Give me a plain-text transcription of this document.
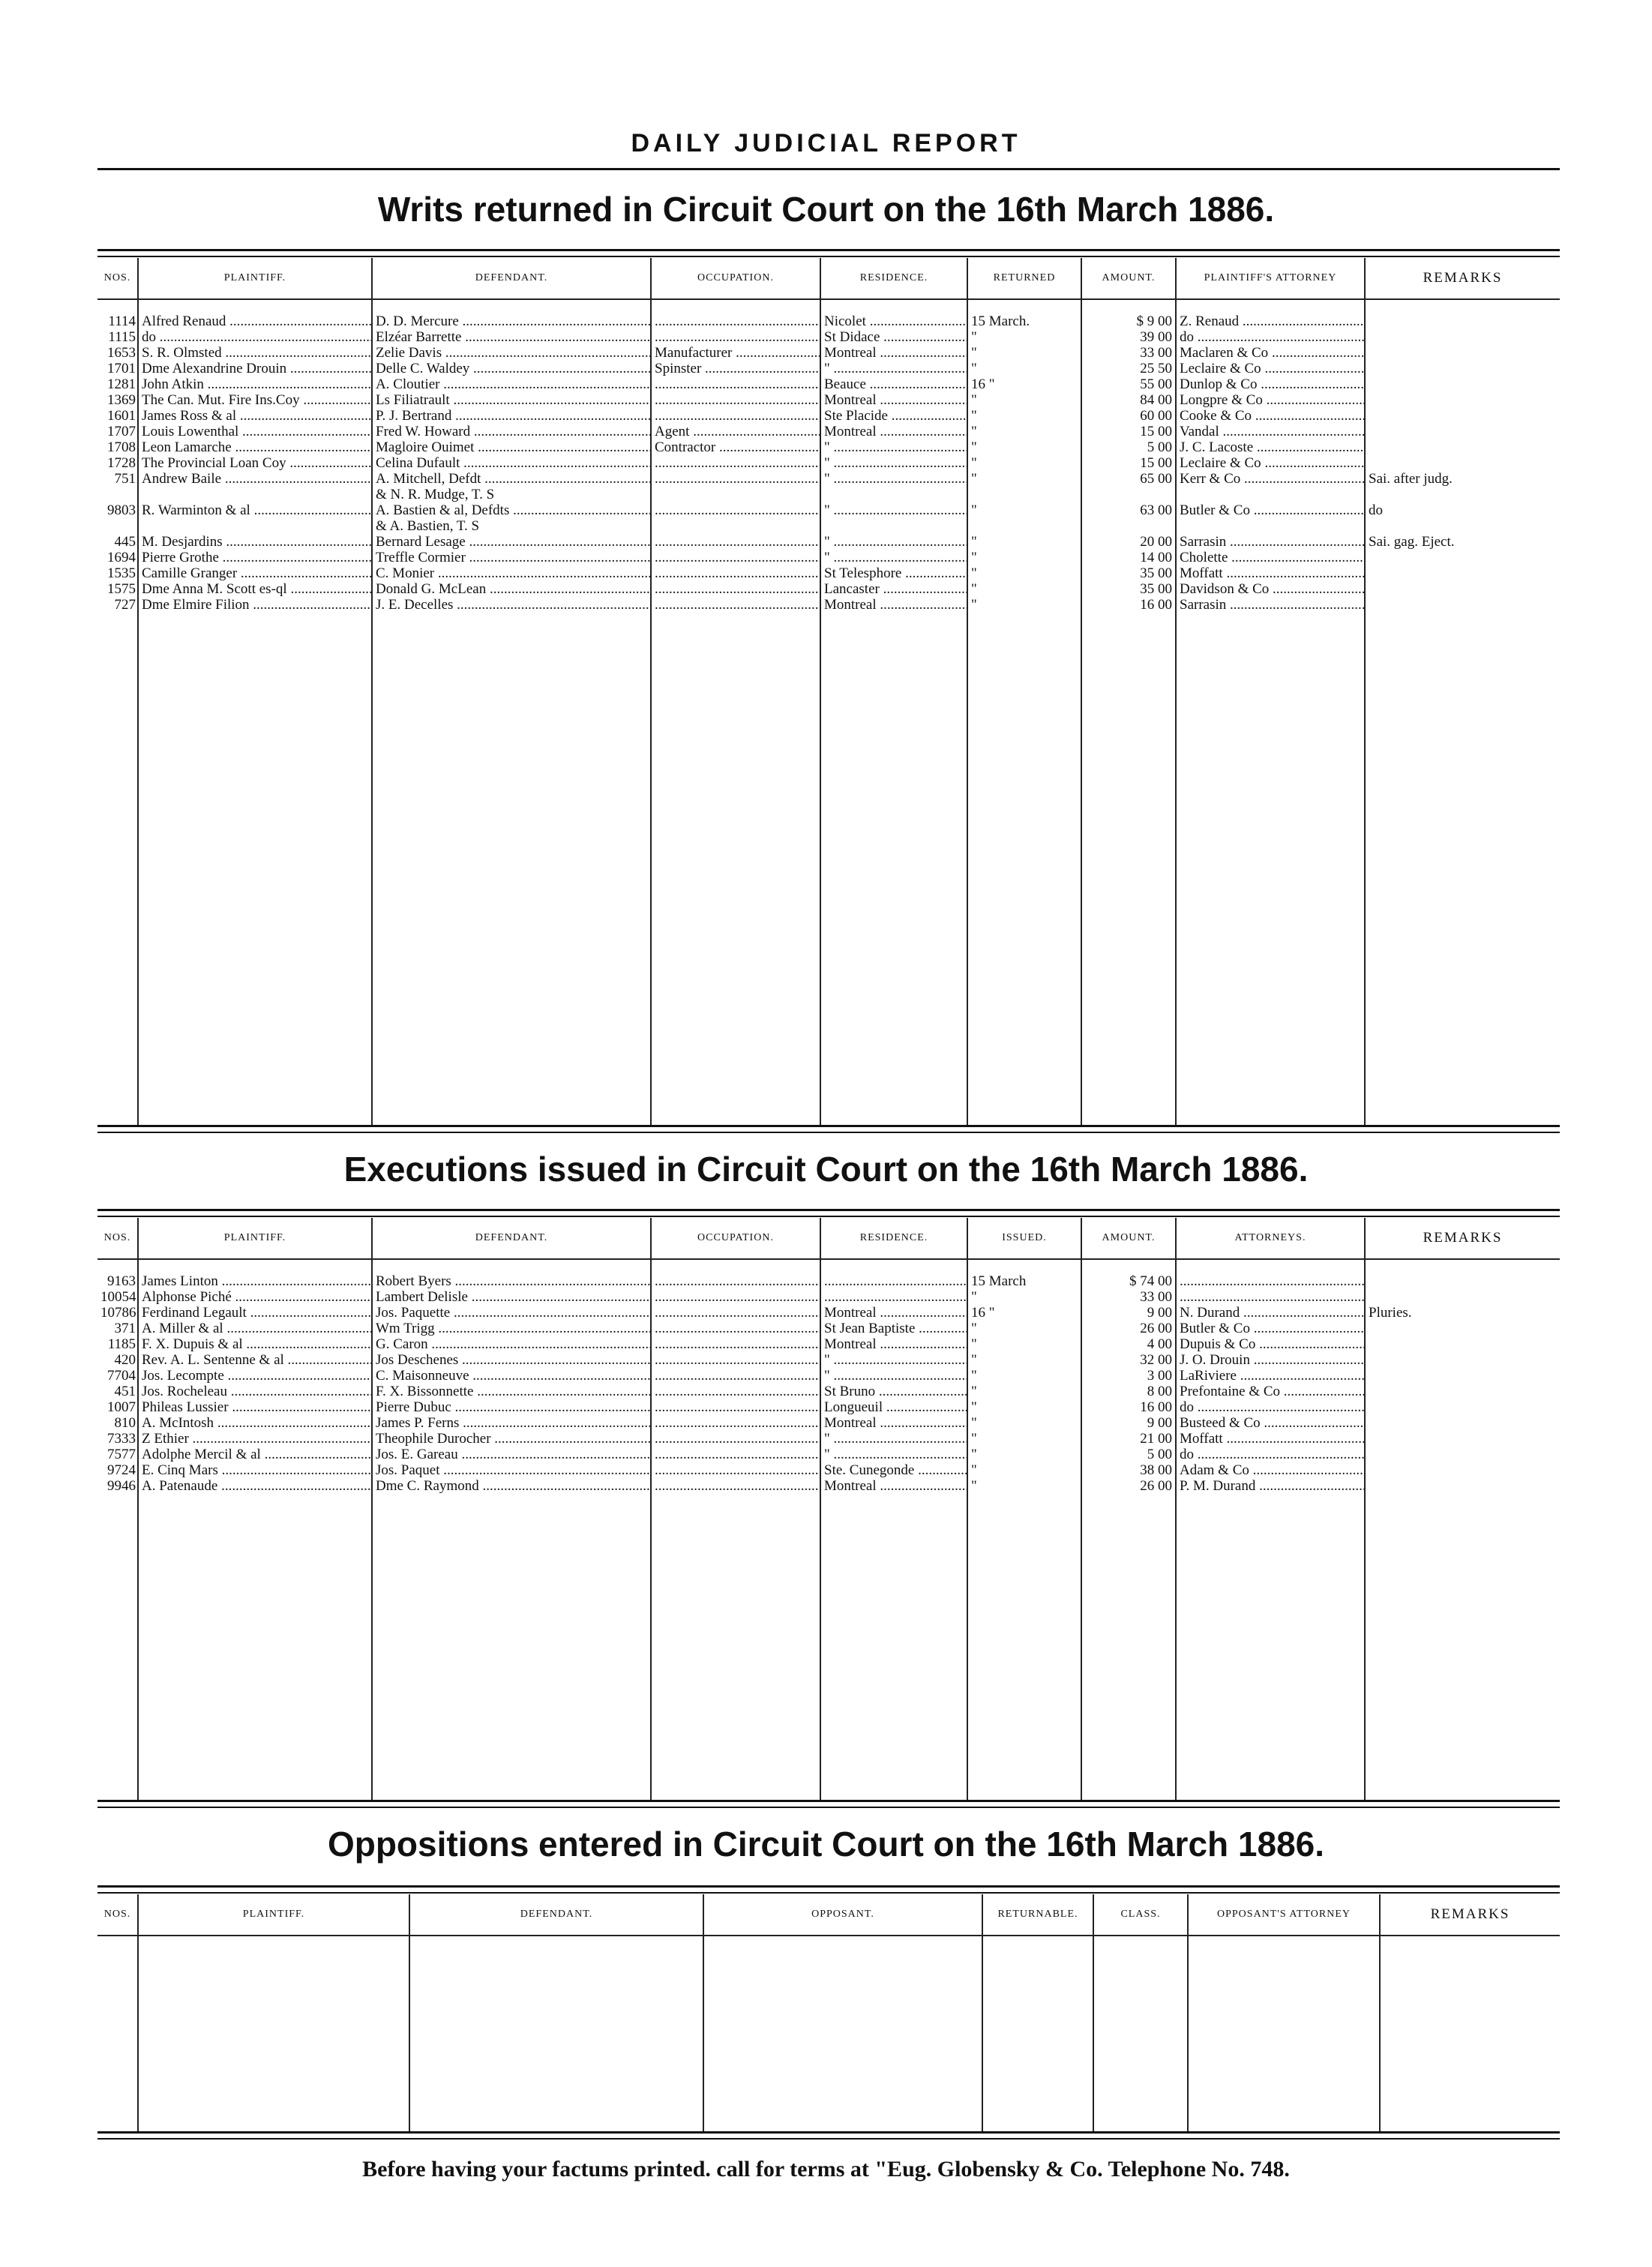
DAILY JUDICIAL REPORT
Writs returned in Circuit Court on the 16th March 1886.
NOS.	PLAINTIFF.	DEFENDANT.	OCCUPATION.	RESIDENCE.	RETURNED	AMOUNT.	PLAINTIFF'S ATTORNEY	REMARKS

1114	Alfred Renaud .....	D. D. Mercure .....	.....	Nicolet .....	15 March.	$ 9 00	Z. Renaud .....	
1115	do .....	Elzéar Barrette .....	.....	St Didace .....	"	39 00	do .....	
1653	S. R. Olmsted .....	Zelie Davis .....	Manufacturer .....	Montreal .....	"	33 00	Maclaren & Co .....	
1701	Dme Alexandrine Drouin .....	Delle C. Waldey .....	Spinster .....	" .....	"	25 50	Leclaire & Co .....	
1281	John Atkin .....	A. Cloutier .....	.....	Beauce .....	16 "	55 00	Dunlop & Co .....	
1369	The Can. Mut. Fire Ins.Coy .....	Ls Filiatrault .....	.....	Montreal .....	"	84 00	Longpre & Co .....	
1601	James Ross & al .....	P. J. Bertrand .....	.....	Ste Placide .....	"	60 00	Cooke & Co .....	
1707	Louis Lowenthal .....	Fred W. Howard .....	Agent .....	Montreal .....	"	15 00	Vandal .....	
1708	Leon Lamarche .....	Magloire Ouimet .....	Contractor .....	" .....	"	5 00	J. C. Lacoste .....	
1728	The Provincial Loan Coy .....	Celina Dufault .....	.....	" .....	"	15 00	Leclaire & Co .....	
751	Andrew Baile .....	A. Mitchell, Defdt .....	.....	" .....	"	65 00	Kerr & Co .....	Sai. after judg.
		& N. R. Mudge, T. S						
9803	R. Warminton & al .....	A. Bastien & al, Defdts .....	.....	" .....	"	63 00	Butler & Co .....	do
		& A. Bastien, T. S						
445	M. Desjardins .....	Bernard Lesage .....	.....	" .....	"	20 00	Sarrasin .....	Sai. gag. Eject.
1694	Pierre Grothe .....	Treffle Cormier .....	.....	" .....	"	14 00	Cholette .....	
1535	Camille Granger .....	C. Monier .....	.....	St Telesphore .....	"	35 00	Moffatt .....	
1575	Dme Anna M. Scott es-ql .....	Donald G. McLean .....	.....	Lancaster .....	"	35 00	Davidson & Co .....	
727	Dme Elmire Filion .....	J. E. Decelles .....	.....	Montreal .....	"	16 00	Sarrasin .....	

Executions issued in Circuit Court on the 16th March 1886.
NOS.	PLAINTIFF.	DEFENDANT.	OCCUPATION.	RESIDENCE.	ISSUED.	AMOUNT.	ATTORNEYS.	REMARKS

9163	James Linton .....	Robert Byers .....	.....	.....	15 March	$ 74 00	.....	
10054	Alphonse Piché .....	Lambert Delisle .....	.....	.....	"	33 00	.....	
10786	Ferdinand Legault .....	Jos. Paquette .....	.....	Montreal .....	16 "	9 00	N. Durand .....	Pluries.
371	A. Miller & al .....	Wm Trigg .....	.....	St Jean Baptiste .....	"	26 00	Butler & Co .....	
1185	F. X. Dupuis & al .....	G. Caron .....	.....	Montreal .....	"	4 00	Dupuis & Co .....	
420	Rev. A. L. Sentenne & al .....	Jos Deschenes .....	.....	" .....	"	32 00	J. O. Drouin .....	
7704	Jos. Lecompte .....	C. Maisonneuve .....	.....	" .....	"	3 00	LaRiviere .....	
451	Jos. Rocheleau .....	F. X. Bissonnette .....	.....	St Bruno .....	"	8 00	Prefontaine & Co .....	
1007	Phileas Lussier .....	Pierre Dubuc .....	.....	Longueuil .....	"	16 00	do .....	
810	A. McIntosh .....	James P. Ferns .....	.....	Montreal .....	"	9 00	Busteed & Co .....	
7333	Z Ethier .....	Theophile Durocher .....	.....	" .....	"	21 00	Moffatt .....	
7577	Adolphe Mercil & al .....	Jos. E. Gareau .....	.....	" .....	"	5 00	do .....	
9724	E. Cinq Mars .....	Jos. Paquet .....	.....	Ste. Cunegonde .....	"	38 00	Adam & Co .....	
9946	A. Patenaude .....	Dme C. Raymond .....	.....	Montreal .....	"	26 00	P. M. Durand .....	

Oppositions entered in Circuit Court on the 16th March 1886.
NOS.	PLAINTIFF.	DEFENDANT.	OPPOSANT.	RETURNABLE.	CLASS.	OPPOSANT'S ATTORNEY	REMARKS

Before having your factums printed. call for terms at "Eug. Globensky & Co. Telephone No. 748.
